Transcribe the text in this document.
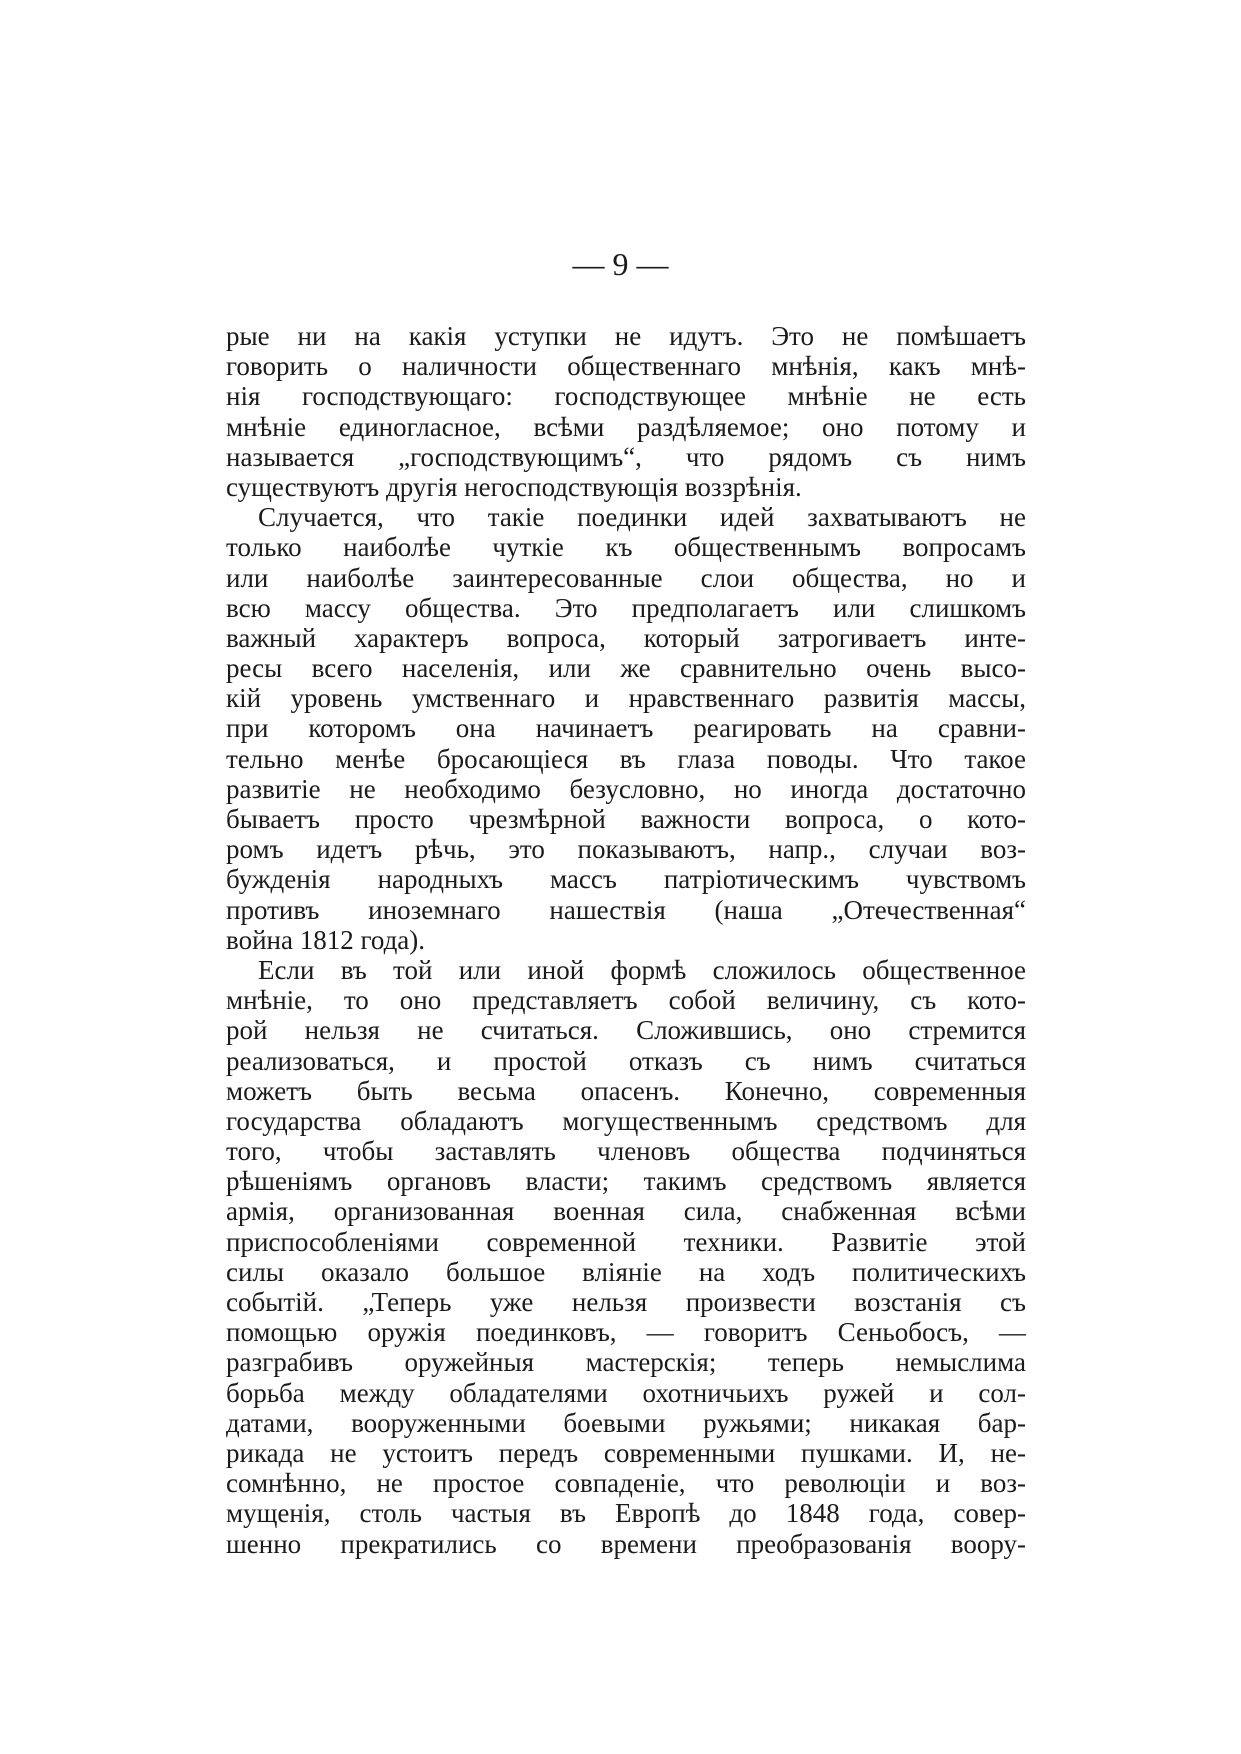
— 9 —
рые ни на какія уступки не идутъ. Это не помѣшаетъ
говорить о наличности общественнаго мнѣнія, какъ мнѣ-
нія господствующаго: господствующее мнѣніе не есть
мнѣніе единогласное, всѣми раздѣляемое; оно потому и
называется „господствующимъ“, что рядомъ съ нимъ
существуютъ другія негосподствующія воззрѣнія.
Случается, что такіе поединки идей захватываютъ не
только наиболѣе чуткіе къ общественнымъ вопросамъ
или наиболѣе заинтересованные слои общества, но и
всю массу общества. Это предполагаетъ или слишкомъ
важный характеръ вопроса, который затрогиваетъ инте-
ресы всего населенія, или же сравнительно очень высо-
кій уровень умственнаго и нравственнаго развитія массы,
при которомъ она начинаетъ реагировать на сравни-
тельно менѣе бросающіеся въ глаза поводы. Что такое
развитіе не необходимо безусловно, но иногда достаточно
бываетъ просто чрезмѣрной важности вопроса, о кото-
ромъ идетъ рѣчь, это показываютъ, напр., случаи воз-
бужденія народныхъ массъ патріотическимъ чувствомъ
противъ иноземнаго нашествія (наша „Отечественная“
война 1812 года).
Если въ той или иной формѣ сложилось общественное
мнѣніе, то оно представляетъ собой величину, съ кото-
рой нельзя не считаться. Сложившись, оно стремится
реализоваться, и простой отказъ съ нимъ считаться
можетъ быть весьма опасенъ. Конечно, современныя
государства обладаютъ могущественнымъ средствомъ для
того, чтобы заставлять членовъ общества подчиняться
рѣшеніямъ органовъ власти; такимъ средствомъ является
армія, организованная военная сила, снабженная всѣми
приспособленіями современной техники. Развитіе этой
силы оказало большое вліяніе на ходъ политическихъ
событій. „Теперь уже нельзя произвести возстанія съ
помощью оружія поединковъ, — говоритъ Сеньобосъ, —
разграбивъ оружейныя мастерскія; теперь немыслима
борьба между обладателями охотничьихъ ружей и сол-
датами, вооруженными боевыми ружьями; никакая бар-
рикада не устоитъ передъ современными пушками. И, не-
сомнѣнно, не простое совпаденіе, что революціи и воз-
мущенія, столь частыя въ Европѣ до 1848 года, совер-
шенно прекратились со времени преобразованія воору-
